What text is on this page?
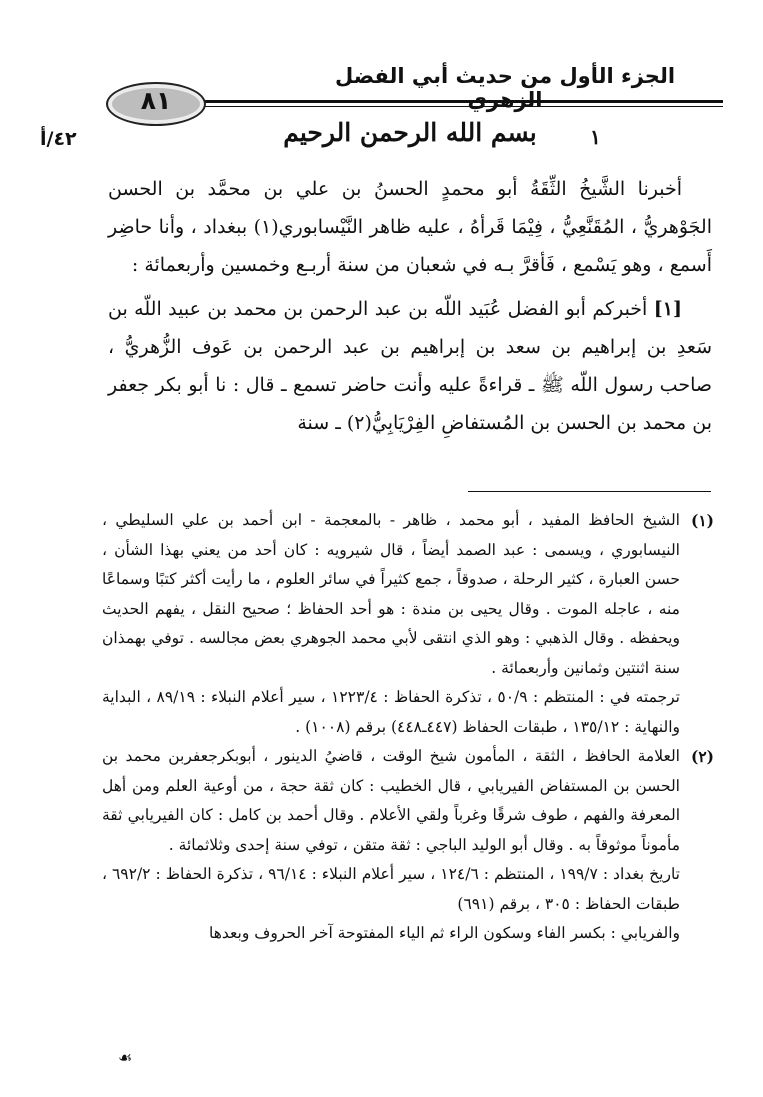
الجزء الأول من حديث أبي الفضل الزهري
٨١
٤٢/أ	بسم الله الرحمن الرحيم	١

أخبرنا الشَّيخُ الثِّقَةُ أبو محمدٍ الحسنُ بن علي بن محمَّد بن الحسن الجَوْهريُّ ، المُقَنَّعِيُّ ، فِيْمَا قَرأهُ ، عليه ظاهر النَّيْسابوري(١) ببغداد ، وأنا حاضِر أَسمع ، وهو يَسْمع ، فَأقرَّ بـه في شعبان من سنة أربـع وخمسين وأربعمائة :

[١] أخبركم أبو الفضل عُبَيد اللّه بن عبد الرحمن بن محمد بن عبيد اللّه بن سَعدِ بن إبراهيم بن سعد بن إبراهيم بن عبد الرحمن بن عَوف الزُّهريُّ ، صاحب رسول اللّه ﷺ ـ قراءةً عليه وأنت حاضر تسمع ـ قال : نا أبو بكر جعفر بن محمد بن الحسن بن المُستفاضِ الفِرْيَابِيُّ(٢) ـ سنة

(١)

الشيخ الحافظ المفيد ، أبو محمد ، ظاهر - بالمعجمة - ابن أحمد بن علي السليطي ، النيسابوري ، ويسمى : عبد الصمد أيضاً ، قال شيرويه : كان أحد من يعني بهذا الشأن ، حسن العبارة ، كثير الرحلة ، صدوقاً ، جمع كثيراً في سائر العلوم ، ما رأيت أكثر كتبًا وسماعًا منه ، عاجله الموت . وقال يحيى بن مندة : هو أحد الحفاظ ؛ صحيح النقل ، يفهم الحديث ويحفظه . وقال الذهبي : وهو الذي انتقى لأبي محمد الجوهري بعض مجالسه . توفي بهمذان سنة اثنتين وثمانين وأربعمائة .

ترجمته في : المنتظم : ٥٠/٩ ، تذكرة الحفاظ : ١٢٢٣/٤ ، سير أعلام النبلاء : ٨٩/١٩ ، البداية والنهاية : ١٣٥/١٢ ، طبقات الحفاظ (٤٤٧ـ٤٤٨) برقم (١٠٠٨) .

(٢)

العلامة الحافظ ، الثقة ، المأمون شيخ الوقت ، قاضيُ الدينور ، أبوبكرجعفربن محمد بن الحسن بن المستفاض الفيريابي ، قال الخطيب : كان ثقة حجة ، من أوعية العلم ومن أهل المعرفة والفهم ، طوف شرقًا وغرباً ولقي الأعلام . وقال أحمد بن كامل : كان الفيريابي ثقة مأموناً موثوقاً به . وقال أبو الوليد الباجي : ثقة متقن ، توفي سنة إحدى وثلاثمائة .

تاريخ بغداد : ١٩٩/٧ ، المنتظم : ١٢٤/٦ ، سير أعلام النبلاء : ٩٦/١٤ ، تذكرة الحفاظ : ٦٩٢/٢ ، طبقات الحفاظ : ٣٠٥ ، برقم (٦٩١)

والفريابي : بكسر الفاء وسكون الراء ثم الياء المفتوحة آخر الحروف وبعدها

☙
